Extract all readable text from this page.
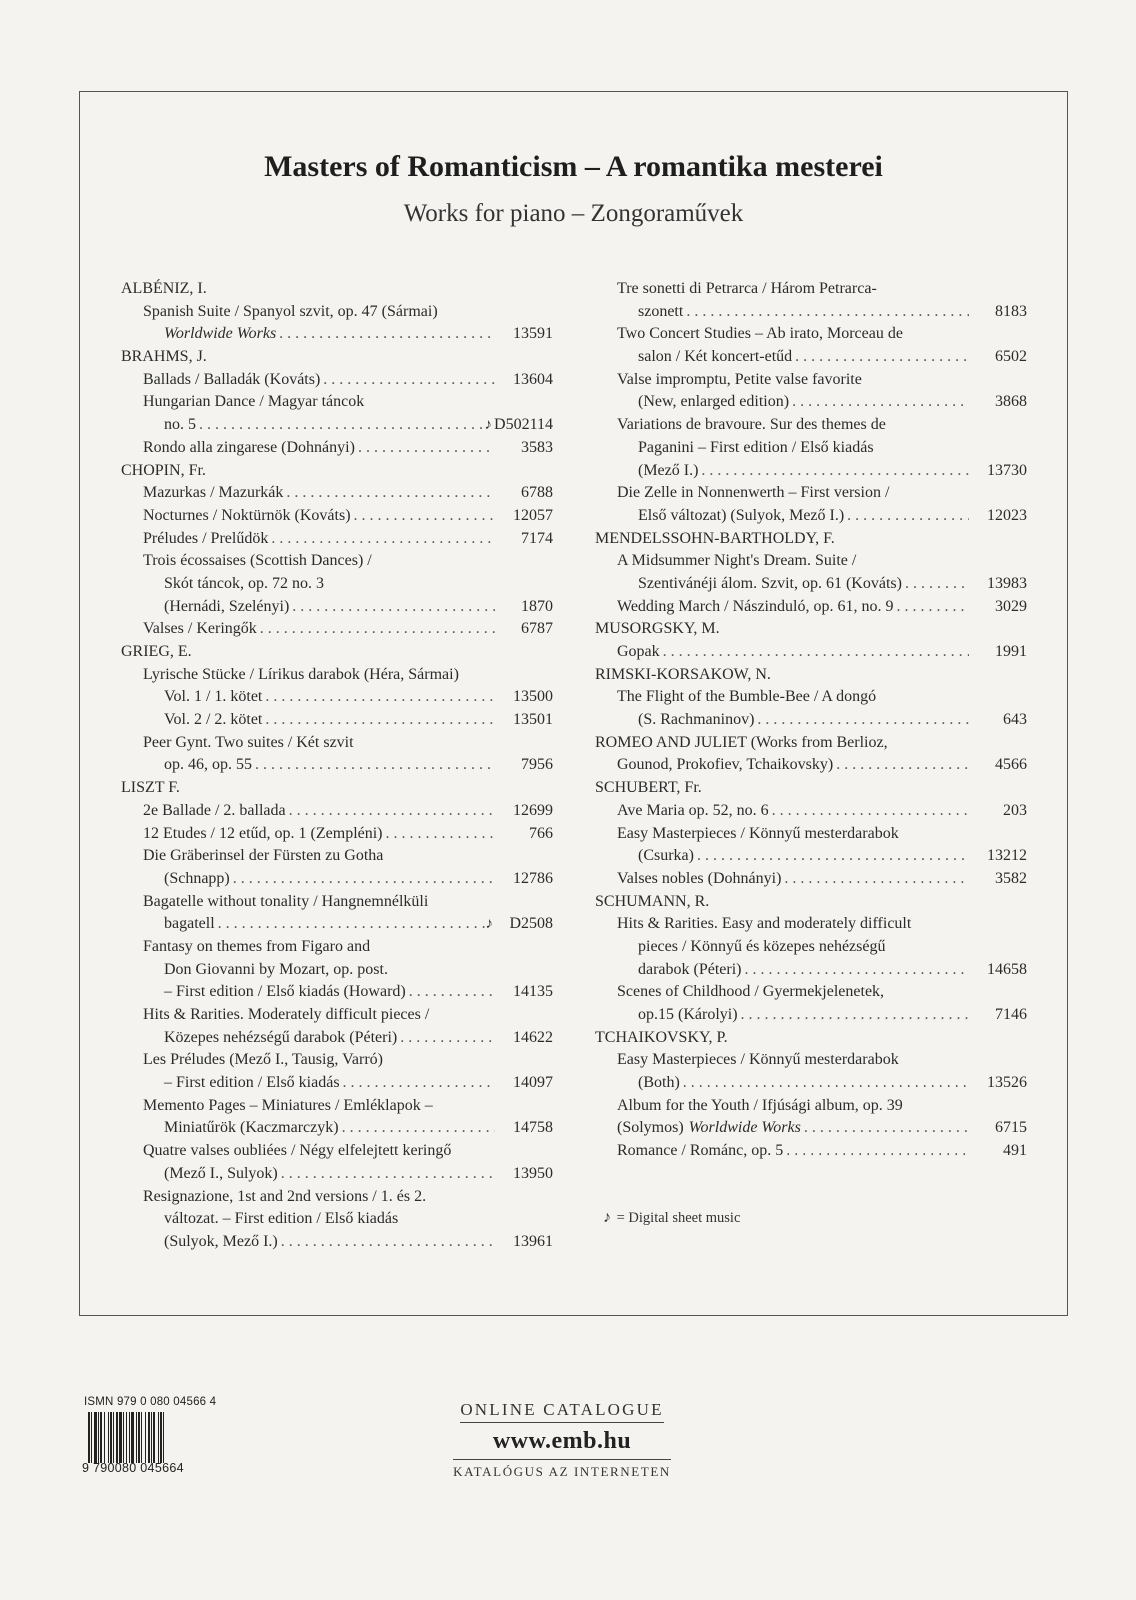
Masters of Romanticism – A romantika mesterei
Works for piano – Zongoraművek
ALBÉNIZ, I.
Spanish Suite / Spanyol szvit, op. 47 (Sármai)
Worldwide Works . . .	13591
BRAHMS, J.
Ballads / Balladák (Kováts) . . .	13604
Hungarian Dance / Magyar táncok
no. 5 . . .	♪ D502114
Rondo alla zingarese (Dohnányi) . . .	3583
CHOPIN, Fr.
Mazurkas / Mazurkák . . .	6788
Nocturnes / Noktürnök (Kováts) . . .	12057
Préludes / Prelűdök . . .	7174
Trois écossaises (Scottish Dances) /
Skót táncok, op. 72 no. 3
(Hernádi, Szelényi) . . .	1870
Valses / Keringők . . .	6787
GRIEG, E.
Lyrische Stücke / Lírikus darabok (Héra, Sármai)
Vol. 1 / 1. kötet . . .	13500
Vol. 2 / 2. kötet . . .	13501
Peer Gynt. Two suites / Két szvit
op. 46, op. 55 . . .	7956
LISZT F.
2e Ballade / 2. ballada . . .	12699
12 Etudes / 12 etűd, op. 1 (Zempléni) . . .	766
Die Gräberinsel der Fürsten zu Gotha
(Schnapp) . . .	12786
Bagatelle without tonality / Hangnemnélküli
bagatell . . .	♪	D2508
Fantasy on themes from Figaro and
Don Giovanni by Mozart, op. post.
– First edition / Első kiadás (Howard) . . .	14135
Hits & Rarities. Moderately difficult pieces /
Közepes nehézségű darabok (Péteri) . . .	14622
Les Préludes (Mező I., Tausig, Varró)
– First edition / Első kiadás . . .	14097
Memento Pages – Miniatures / Emléklapok –
Miniatűrök (Kaczmarczyk) . . .	14758
Quatre valses oubliées / Négy elfelejtett keringő
(Mező I., Sulyok) . . .	13950
Resignazione, 1st and 2nd versions / 1. és 2.
változat. – First edition / Első kiadás
(Sulyok, Mező I.) . . .	13961
Tre sonetti di Petrarca / Három Petrarca-
szonett . . .	8183
Two Concert Studies – Ab irato, Morceau de
salon / Két koncert-etűd . . .	6502
Valse impromptu, Petite valse favorite
(New, enlarged edition) . . .	3868
Variations de bravoure. Sur des themes de
Paganini – First edition / Első kiadás
(Mező I.) . . .	13730
Die Zelle in Nonnenwerth – First version /
Első változat) (Sulyok, Mező I.) . . .	12023
MENDELSSOHN-BARTHOLDY, F.
A Midsummer Night's Dream. Suite /
Szentivánéji álom. Szvit, op. 61 (Kováts) . . .	13983
Wedding March / Nászinduló, op. 61, no. 9 . . .	3029
MUSORGSKY, M.
Gopak . . .	1991
RIMSKI-KORSAKOW, N.
The Flight of the Bumble-Bee / A dongó
(S. Rachmaninov) . . .	643
ROMEO AND JULIET (Works from Berlioz,
Gounod, Prokofiev, Tchaikovsky) . . .	4566
SCHUBERT, Fr.
Ave Maria op. 52, no. 6 . . .	203
Easy Masterpieces / Könnyű mesterdarabok
(Csurka) . . .	13212
Valses nobles (Dohnányi) . . .	3582
SCHUMANN, R.
Hits & Rarities. Easy and moderately difficult
pieces / Könnyű és közepes nehézségű
darabok (Péteri) . . .	14658
Scenes of Childhood / Gyermekjelenetek,
op.15 (Károlyi) . . .	7146
TCHAIKOVSKY, P.
Easy Masterpieces / Könnyű mesterdarabok
(Both) . . .	13526
Album for the Youth / Ifjúsági album, op. 39
(Solymos) Worldwide Works . . .	6715
Romance / Románc, op. 5 . . .	491
♪ = Digital sheet music
ISMN 979 0 080 04566 4
9 790080 045664
ONLINE CATALOGUE
www.emb.hu
KATALÓGUS AZ INTERNETEN
